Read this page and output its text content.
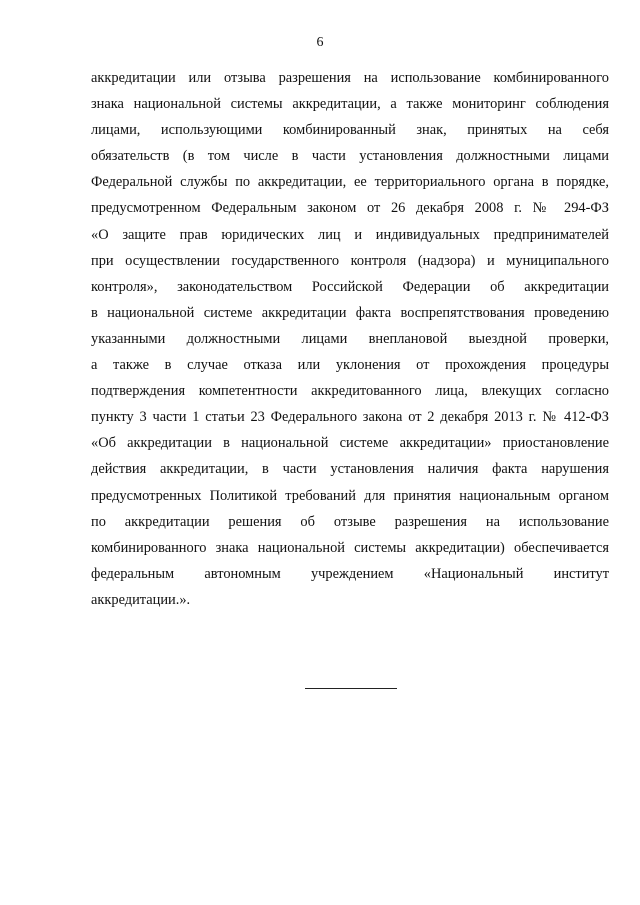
6
аккредитации или отзыва разрешения на использование комбинированного
знака национальной системы аккредитации, а также мониторинг соблюдения
лицами, использующими комбинированный знак, принятых на себя
обязательств (в том числе в части установления должностными лицами
Федеральной службы по аккредитации, ее территориального органа в порядке,
предусмотренном Федеральным законом от 26 декабря 2008 г. № 294-ФЗ
«О защите прав юридических лиц и индивидуальных предпринимателей
при осуществлении государственного контроля (надзора) и муниципального
контроля», законодательством Российской Федерации об аккредитации
в национальной системе аккредитации факта воспрепятствования проведению
указанными должностными лицами внеплановой выездной проверки,
а также в случае отказа или уклонения от прохождения процедуры
подтверждения компетентности аккредитованного лица, влекущих согласно
пункту 3 части 1 статьи 23 Федерального закона от 2 декабря 2013 г. № 412-ФЗ
«Об аккредитации в национальной системе аккредитации» приостановление
действия аккредитации, в части установления наличия факта нарушения
предусмотренных Политикой требований для принятия национальным органом
по аккредитации решения об отзыве разрешения на использование
комбинированного знака национальной системы аккредитации) обеспечивается
федеральным автономным учреждением «Национальный институт
аккредитации.».
